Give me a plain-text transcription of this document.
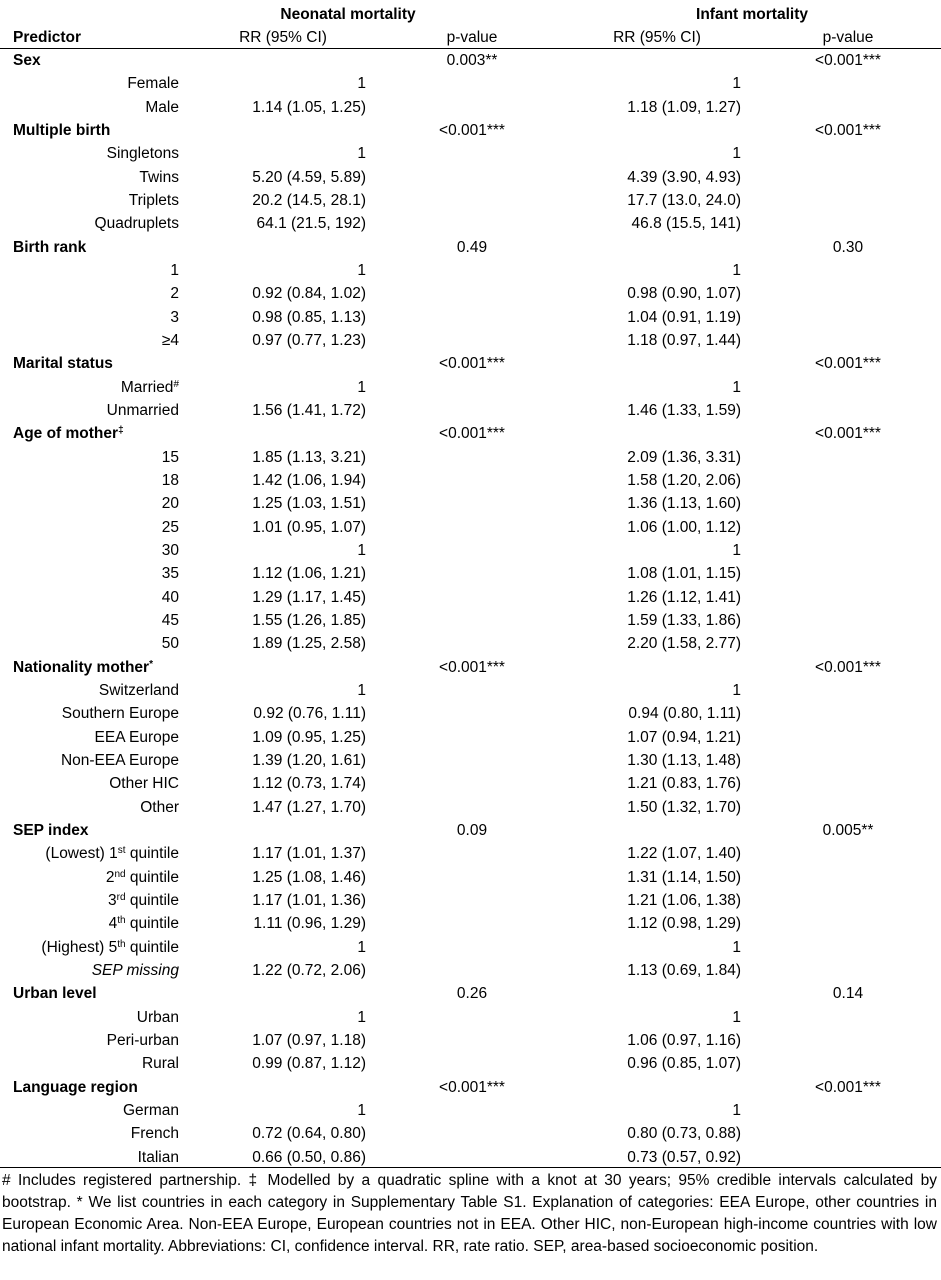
Neonatal mortality	Infant mortality
Predictor	RR (95% CI)	p-value	RR (95% CI)	p-value
Sex	0.003**	<0.001***
Female	1	1
Male	1.14 (1.05, 1.25)	1.18 (1.09, 1.27)
Multiple birth	<0.001***	<0.001***
Singletons	1	1
Twins	5.20 (4.59, 5.89)	4.39 (3.90, 4.93)
Triplets	20.2 (14.5, 28.1)	17.7 (13.0, 24.0)
Quadruplets	64.1 (21.5, 192)	46.8 (15.5, 141)
Birth rank	0.49	0.30
1	1	1
2	0.92 (0.84, 1.02)	0.98 (0.90, 1.07)
3	0.98 (0.85, 1.13)	1.04 (0.91, 1.19)
≥4	0.97 (0.77, 1.23)	1.18 (0.97, 1.44)
Marital status	<0.001***	<0.001***
Married#	1	1
Unmarried	1.56 (1.41, 1.72)	1.46 (1.33, 1.59)
Age of mother‡	<0.001***	<0.001***
15	1.85 (1.13, 3.21)	2.09 (1.36, 3.31)
18	1.42 (1.06, 1.94)	1.58 (1.20, 2.06)
20	1.25 (1.03, 1.51)	1.36 (1.13, 1.60)
25	1.01 (0.95, 1.07)	1.06 (1.00, 1.12)
30	1	1
35	1.12 (1.06, 1.21)	1.08 (1.01, 1.15)
40	1.29 (1.17, 1.45)	1.26 (1.12, 1.41)
45	1.55 (1.26, 1.85)	1.59 (1.33, 1.86)
50	1.89 (1.25, 2.58)	2.20 (1.58, 2.77)
Nationality mother*	<0.001***	<0.001***
Switzerland	1	1
Southern Europe	0.92 (0.76, 1.11)	0.94 (0.80, 1.11)
EEA Europe	1.09 (0.95, 1.25)	1.07 (0.94, 1.21)
Non-EEA Europe	1.39 (1.20, 1.61)	1.30 (1.13, 1.48)
Other HIC	1.12 (0.73, 1.74)	1.21 (0.83, 1.76)
Other	1.47 (1.27, 1.70)	1.50 (1.32, 1.70)
SEP index	0.09	0.005**
(Lowest) 1st quintile	1.17 (1.01, 1.37)	1.22 (1.07, 1.40)
2nd quintile	1.25 (1.08, 1.46)	1.31 (1.14, 1.50)
3rd quintile	1.17 (1.01, 1.36)	1.21 (1.06, 1.38)
4th quintile	1.11 (0.96, 1.29)	1.12 (0.98, 1.29)
(Highest) 5th quintile	1	1
SEP missing	1.22 (0.72, 2.06)	1.13 (0.69, 1.84)
Urban level	0.26	0.14
Urban	1	1
Peri-urban	1.07 (0.97, 1.18)	1.06 (0.97, 1.16)
Rural	0.99 (0.87, 1.12)	0.96 (0.85, 1.07)
Language region	<0.001***	<0.001***
German	1	1
French	0.72 (0.64, 0.80)	0.80 (0.73, 0.88)
Italian	0.66 (0.50, 0.86)	0.73 (0.57, 0.92)
# Includes registered partnership. ‡ Modelled by a quadratic spline with a knot at 30 years; 95% credible intervals calculated by bootstrap. * We list countries in each category in Supplementary Table S1. Explanation of categories: EEA Europe, other countries in European Economic Area. Non-EEA Europe, European countries not in EEA. Other HIC, non-European high-income countries with low national infant mortality. Abbreviations: CI, confidence interval. RR, rate ratio. SEP, area-based socioeconomic position.
